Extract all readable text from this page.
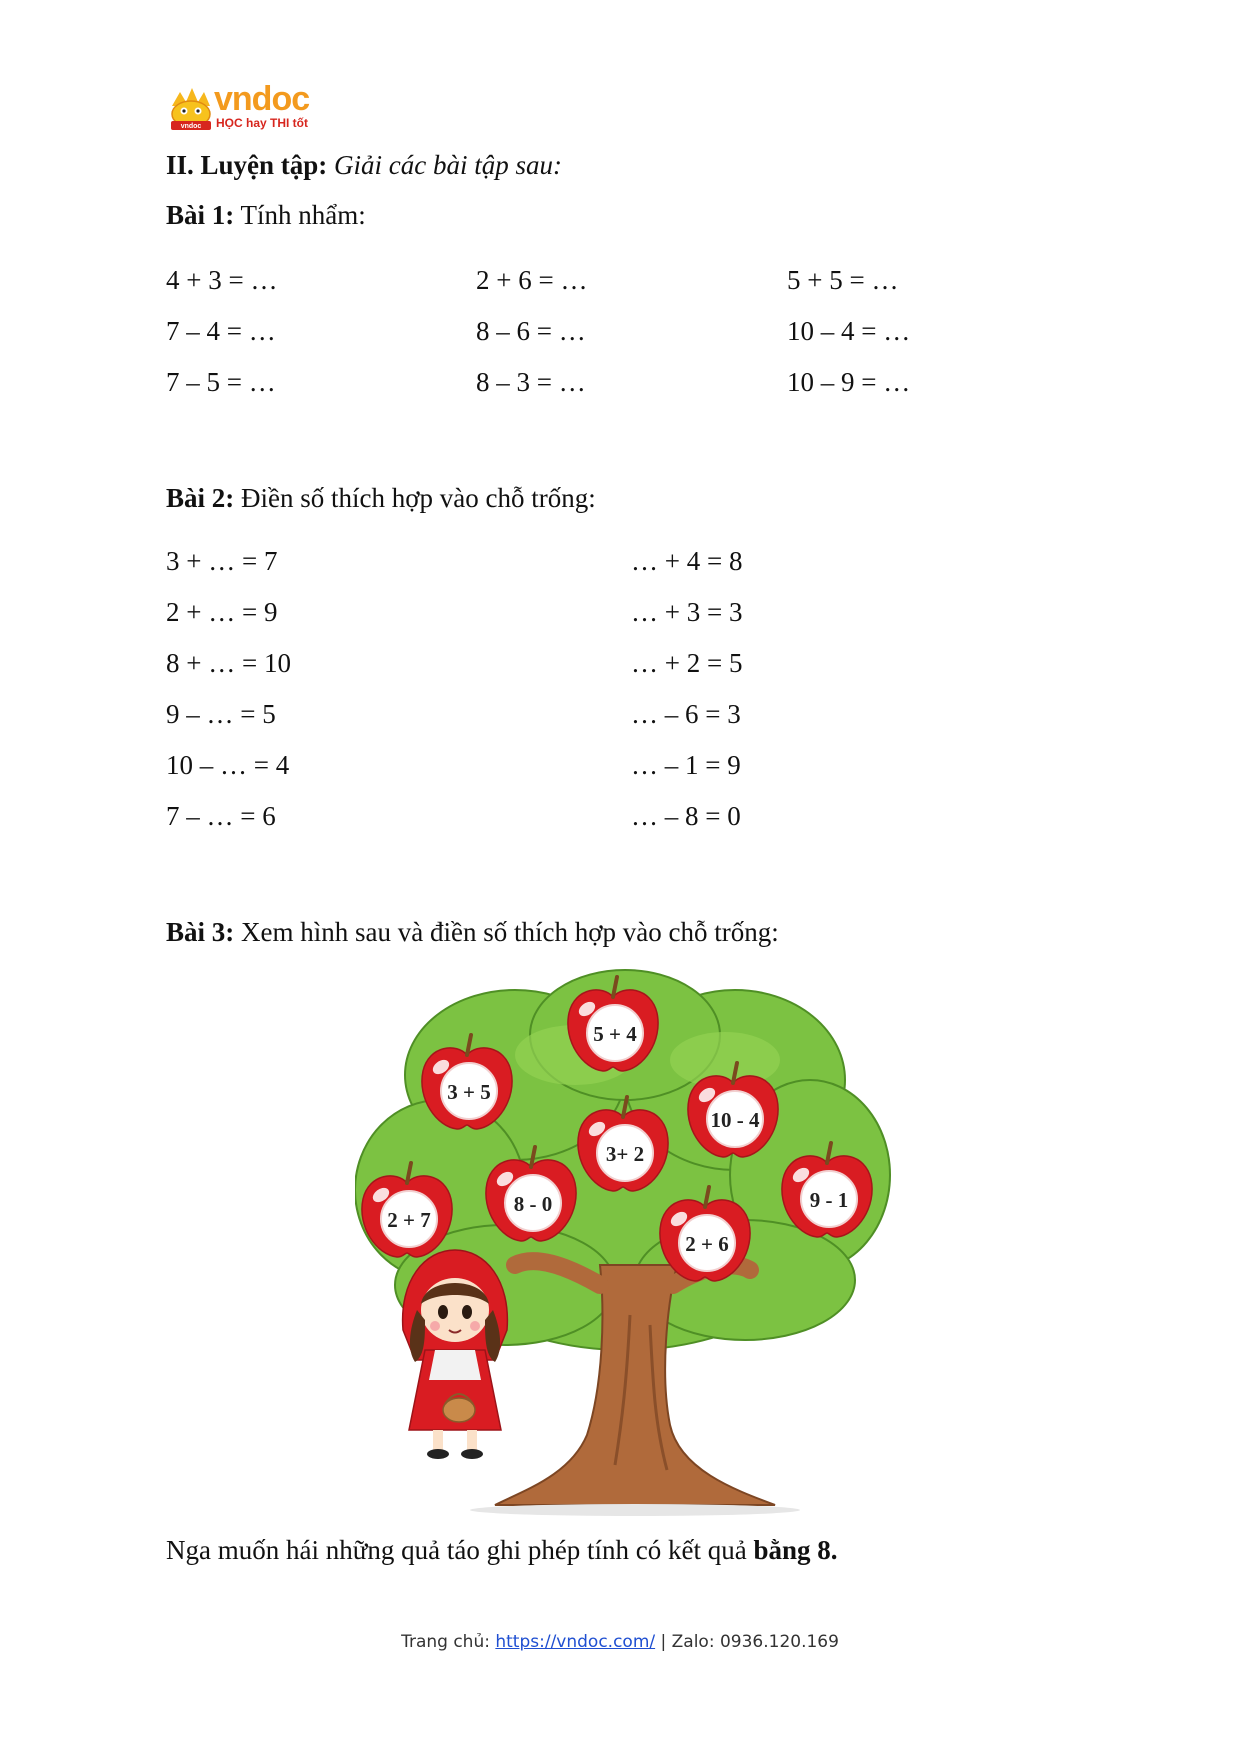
vndoc
vndoc
HỌC hay THI tốt
II. Luyện tập: Giải các bài tập sau:
Bài 1: Tính nhẩm:
4 + 3 = …	2 + 6 = …	5 + 5 = …
7 – 4 = …	8 – 6 = …	10 – 4 = …
7 – 5 = …	8 – 3 = …	10 – 9 = …
Bài 2: Điền số thích hợp vào chỗ trống:
3 + … = 7	… + 4 = 8
2 + … = 9	… + 3 = 3
8 + … = 10	… + 2 = 5
9 – … = 5	… – 6 = 3
10 – … = 4	… – 1 = 9
7 – … = 6	… – 8 = 0
Bài 3: Xem hình sau và điền số thích hợp vào chỗ trống:
5 + 4
3 + 5
10 - 4
3+ 2
2 + 7
8 - 0	9 - 1
2 + 6
Nga muốn hái những quả táo ghi phép tính có kết quả bằng 8.
Trang chủ: https://vndoc.com/ | Zalo: 0936.120.169
